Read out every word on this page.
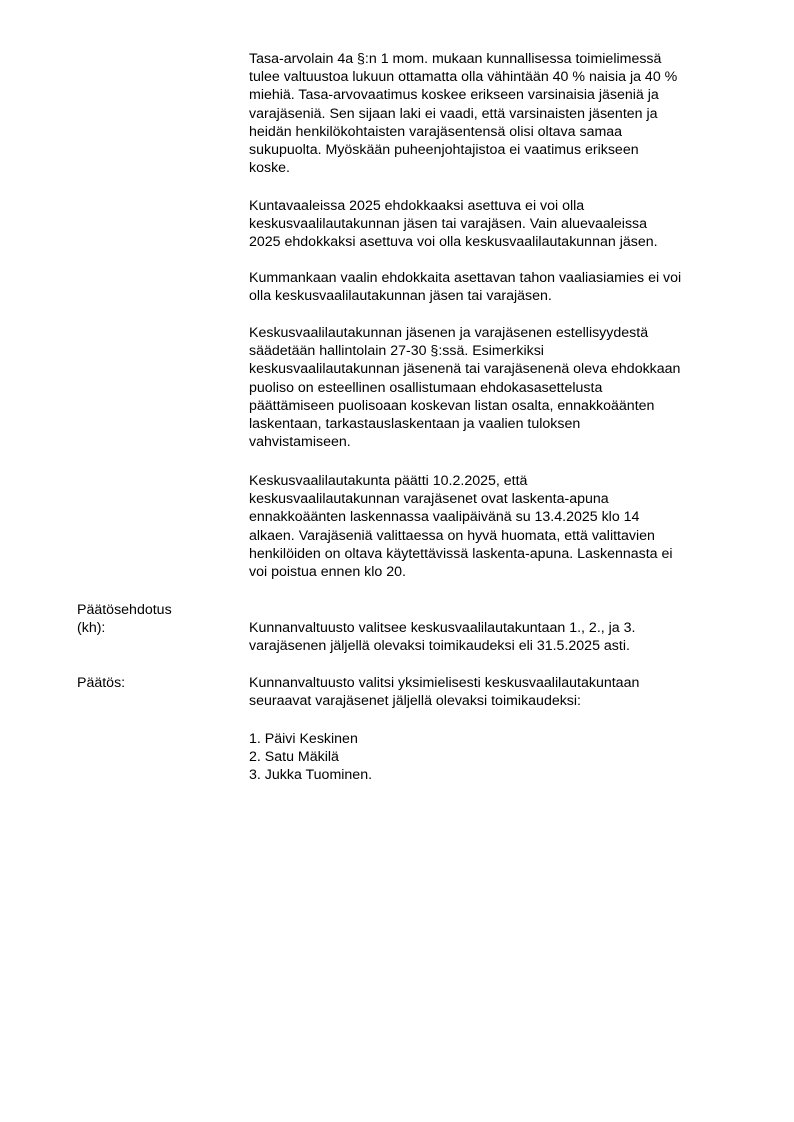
Tasa-arvolain 4a §:n 1 mom. mukaan kunnallisessa toimielimessä
tulee valtuustoa lukuun ottamatta olla vähintään 40 % naisia ja 40 %
miehiä. Tasa-arvovaatimus koskee erikseen varsinaisia jäseniä ja
varajäseniä. Sen sijaan laki ei vaadi, että varsinaisten jäsenten ja
heidän henkilökohtaisten varajäsentensä olisi oltava samaa
sukupuolta. Myöskään puheenjohtajistoa ei vaatimus erikseen
koske.
Kuntavaaleissa 2025 ehdokkaaksi asettuva ei voi olla
keskusvaalilautakunnan jäsen tai varajäsen. Vain aluevaaleissa
2025 ehdokkaksi asettuva voi olla keskusvaalilautakunnan jäsen.
Kummankaan vaalin ehdokkaita asettavan tahon vaaliasiamies ei voi
olla keskusvaalilautakunnan jäsen tai varajäsen.
Keskusvaalilautakunnan jäsenen ja varajäsenen estellisyydestä
säädetään hallintolain 27-30 §:ssä. Esimerkiksi
keskusvaalilautakunnan jäsenenä tai varajäsenenä oleva ehdokkaan
puoliso on esteellinen osallistumaan ehdokasasettelusta
päättämiseen puolisoaan koskevan listan osalta, ennakkoäänten
laskentaan, tarkastauslaskentaan ja vaalien tuloksen
vahvistamiseen.
Keskusvaalilautakunta päätti 10.2.2025, että
keskusvaalilautakunnan varajäsenet ovat laskenta-apuna
ennakkoäänten laskennassa vaalipäivänä su 13.4.2025 klo 14
alkaen. Varajäseniä valittaessa on hyvä huomata, että valittavien
henkilöiden on oltava käytettävissä laskenta-apuna. Laskennasta ei
voi poistua ennen klo 20.
Päätösehdotus
(kh):	Kunnanvaltuusto valitsee keskusvaalilautakuntaan 1., 2., ja 3.
varajäsenen jäljellä olevaksi toimikaudeksi eli 31.5.2025 asti.
Päätös:	Kunnanvaltuusto valitsi yksimielisesti keskusvaalilautakuntaan
seuraavat varajäsenet jäljellä olevaksi toimikaudeksi:
1. Päivi Keskinen
2. Satu Mäkilä
3. Jukka Tuominen.
